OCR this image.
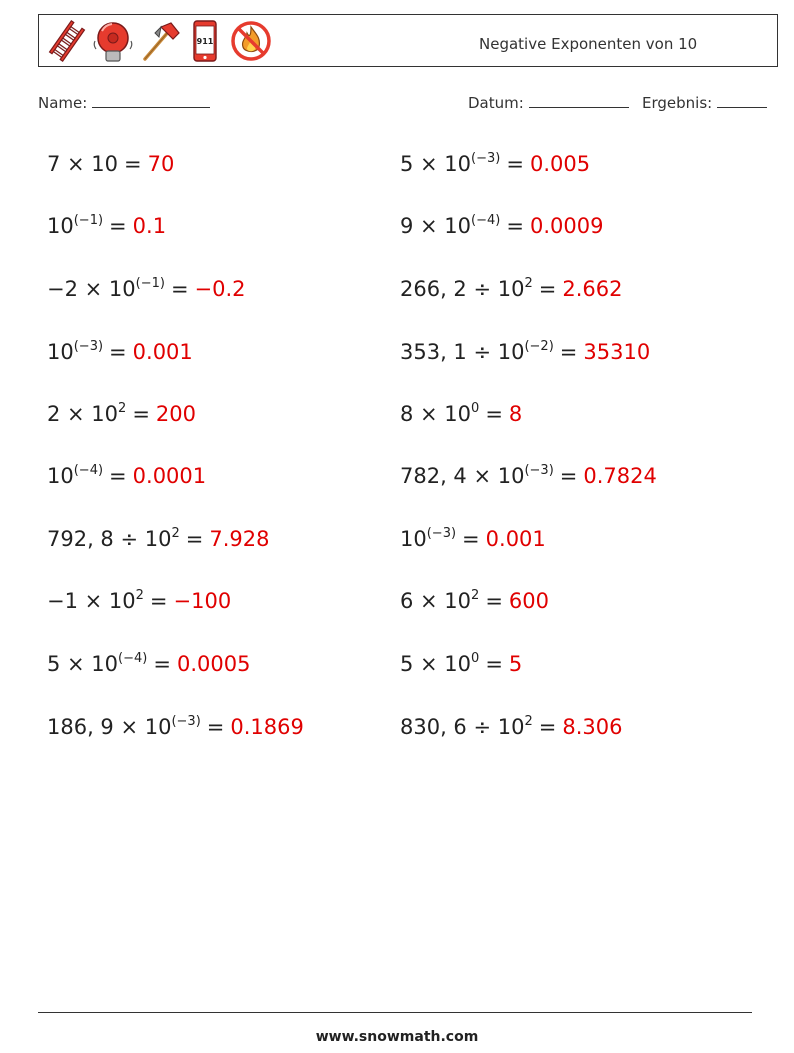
911	Negative Exponenten von 10
Name:	Datum:	Ergebnis:
7 × 10 = 70
$10^{(-1)} = 0.1$
$-2 \times 10^{(-1)} = -0.2$
$10^{(-3)} = 0.001$
$2 \times 10^2 = 200$
$10^{(-4)} = 0.0001$
792, $8 \div 10^2 = 7.928$
$-1 \times 10^2 = -100$
$5 \times 10^{(-4)} = 0.0005$
186, $9 \times 10^{(-3)} = 0.1869$
$5 \times 10^{(-3)} = 0.005$
$9 \times 10^{(-4)} = 0.0009$
266, $2 \div 10^2 = 2.662$
353, $1 \div 10^{(-2)} = 35310$
$8 \times 10^0 = 8$
782, $4 \times 10^{(-3)} = 0.7824$
$10^{(-3)} = 0.001$
$6 \times 10^2 = 600$
$5 \times 10^0 = 5$
830, $6 \div 10^2 = 8.306$
www.snowmath.com
